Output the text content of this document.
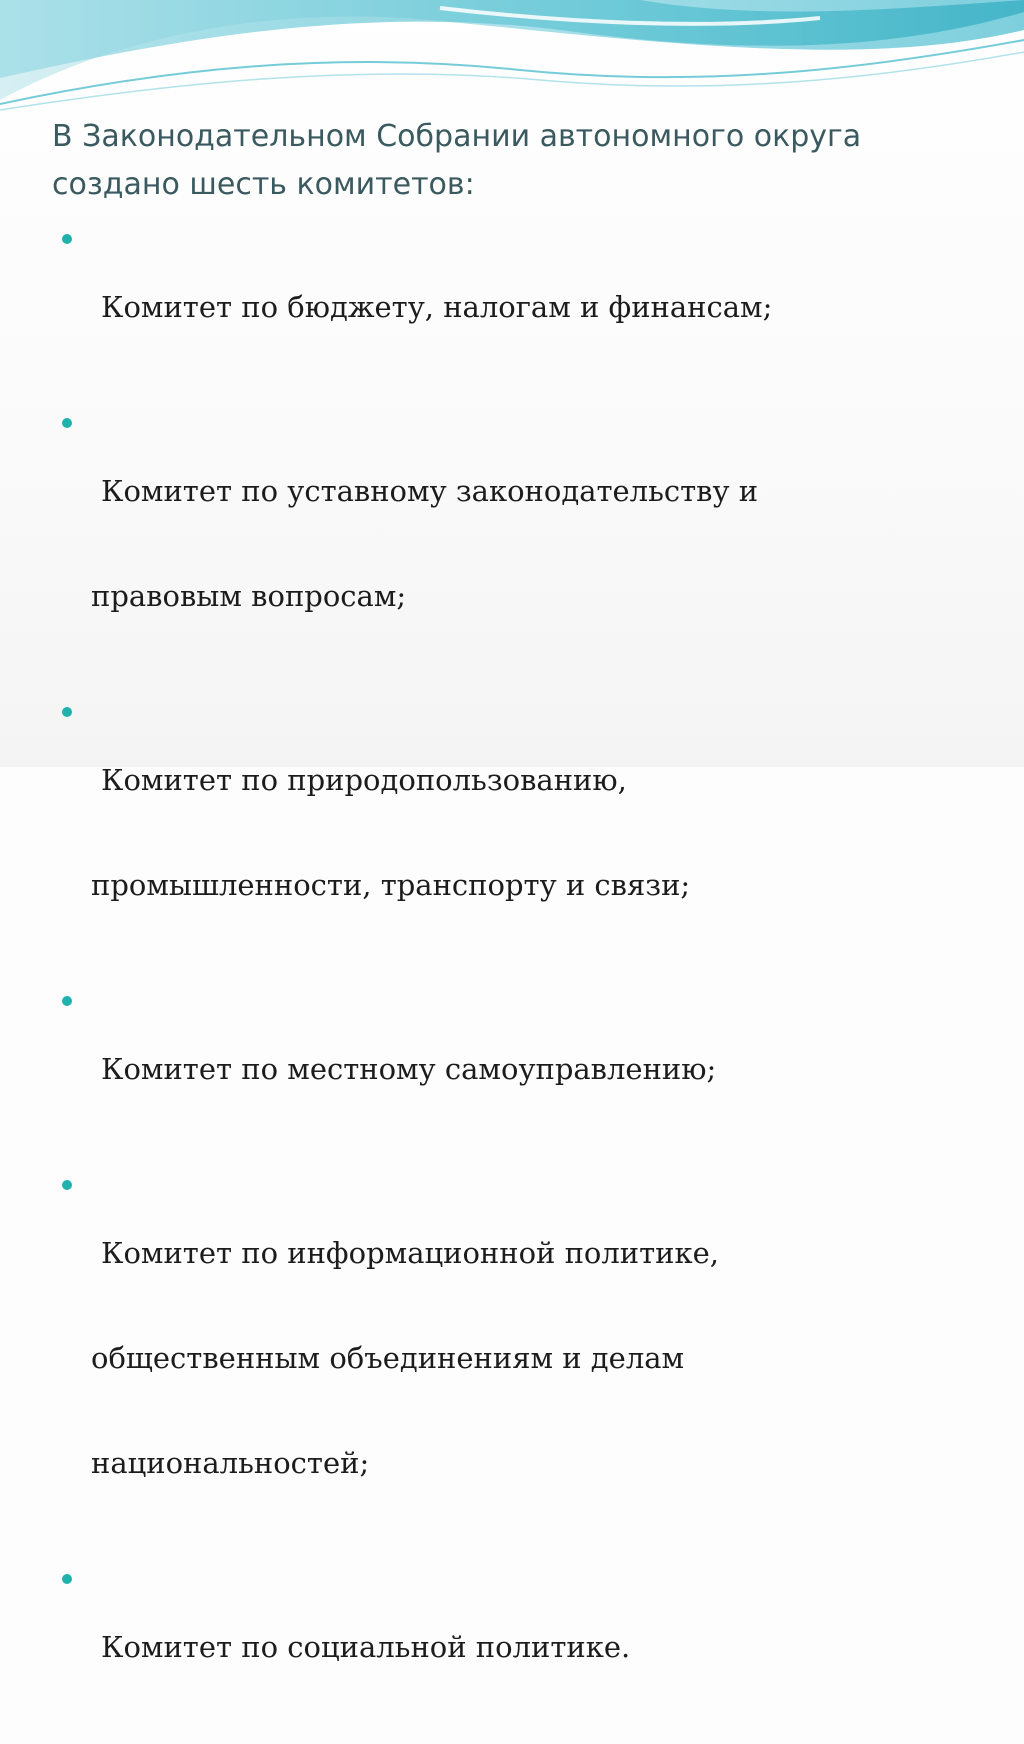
В Законодательном Собрании автономного округа
создано шесть комитетов:

Комитет по бюджету, налогам и финансам;

Комитет по уставному законодательству и

правовым вопросам;

Комитет по природопользованию,

промышленности, транспорту и связи;

Комитет по местному самоуправлению;

Комитет по информационной политике,

общественным объединениям и делам

национальностей;

Комитет по социальной политике.
